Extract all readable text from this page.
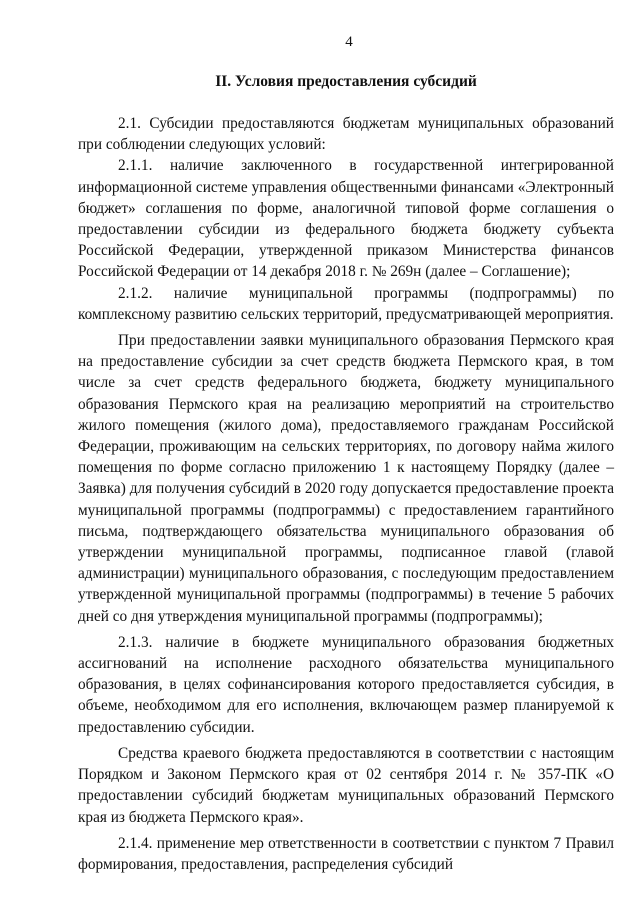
4
II. Условия предоставления субсидий

2.1. Субсидии предоставляются бюджетам муниципальных образований при соблюдении следующих условий:

2.1.1. наличие заключенного в государственной интегрированной информационной системе управления общественными финансами «Электронный бюджет» соглашения по форме, аналогичной типовой форме соглашения о предоставлении субсидии из федерального бюджета бюджету субъекта Российской Федерации, утвержденной приказом Министерства финансов Российской Федерации от 14 декабря 2018 г. № 269н (далее – Соглашение);

2.1.2. наличие муниципальной программы (подпрограммы) по комплексному развитию сельских территорий, предусматривающей мероприятия.

При предоставлении заявки муниципального образования Пермского края на предоставление субсидии за счет средств бюджета Пермского края, в том числе за счет средств федерального бюджета, бюджету муниципального образования Пермского края на реализацию мероприятий на строительство жилого помещения (жилого дома), предоставляемого гражданам Российской Федерации, проживающим на сельских территориях, по договору найма жилого помещения по форме согласно приложению 1 к настоящему Порядку (далее – Заявка) для получения субсидий в 2020 году допускается предоставление проекта муниципальной программы (подпрограммы) с предоставлением гарантийного письма, подтверждающего обязательства муниципального образования об утверждении муниципальной программы, подписанное главой (главой администрации) муниципального образования, с последующим предоставлением утвержденной муниципальной программы (подпрограммы) в течение 5 рабочих дней со дня утверждения муниципальной программы (подпрограммы);

2.1.3. наличие в бюджете муниципального образования бюджетных ассигнований на исполнение расходного обязательства муниципального образования, в целях софинансирования которого предоставляется субсидия, в объеме, необходимом для его исполнения, включающем размер планируемой к предоставлению субсидии.

Средства краевого бюджета предоставляются в соответствии с настоящим Порядком и Законом Пермского края от 02 сентября 2014 г. № 357-ПК «О предоставлении субсидий бюджетам муниципальных образований Пермского края из бюджета Пермского края».

2.1.4. применение мер ответственности в соответствии с пунктом 7 Правил формирования, предоставления, распределения субсидий
